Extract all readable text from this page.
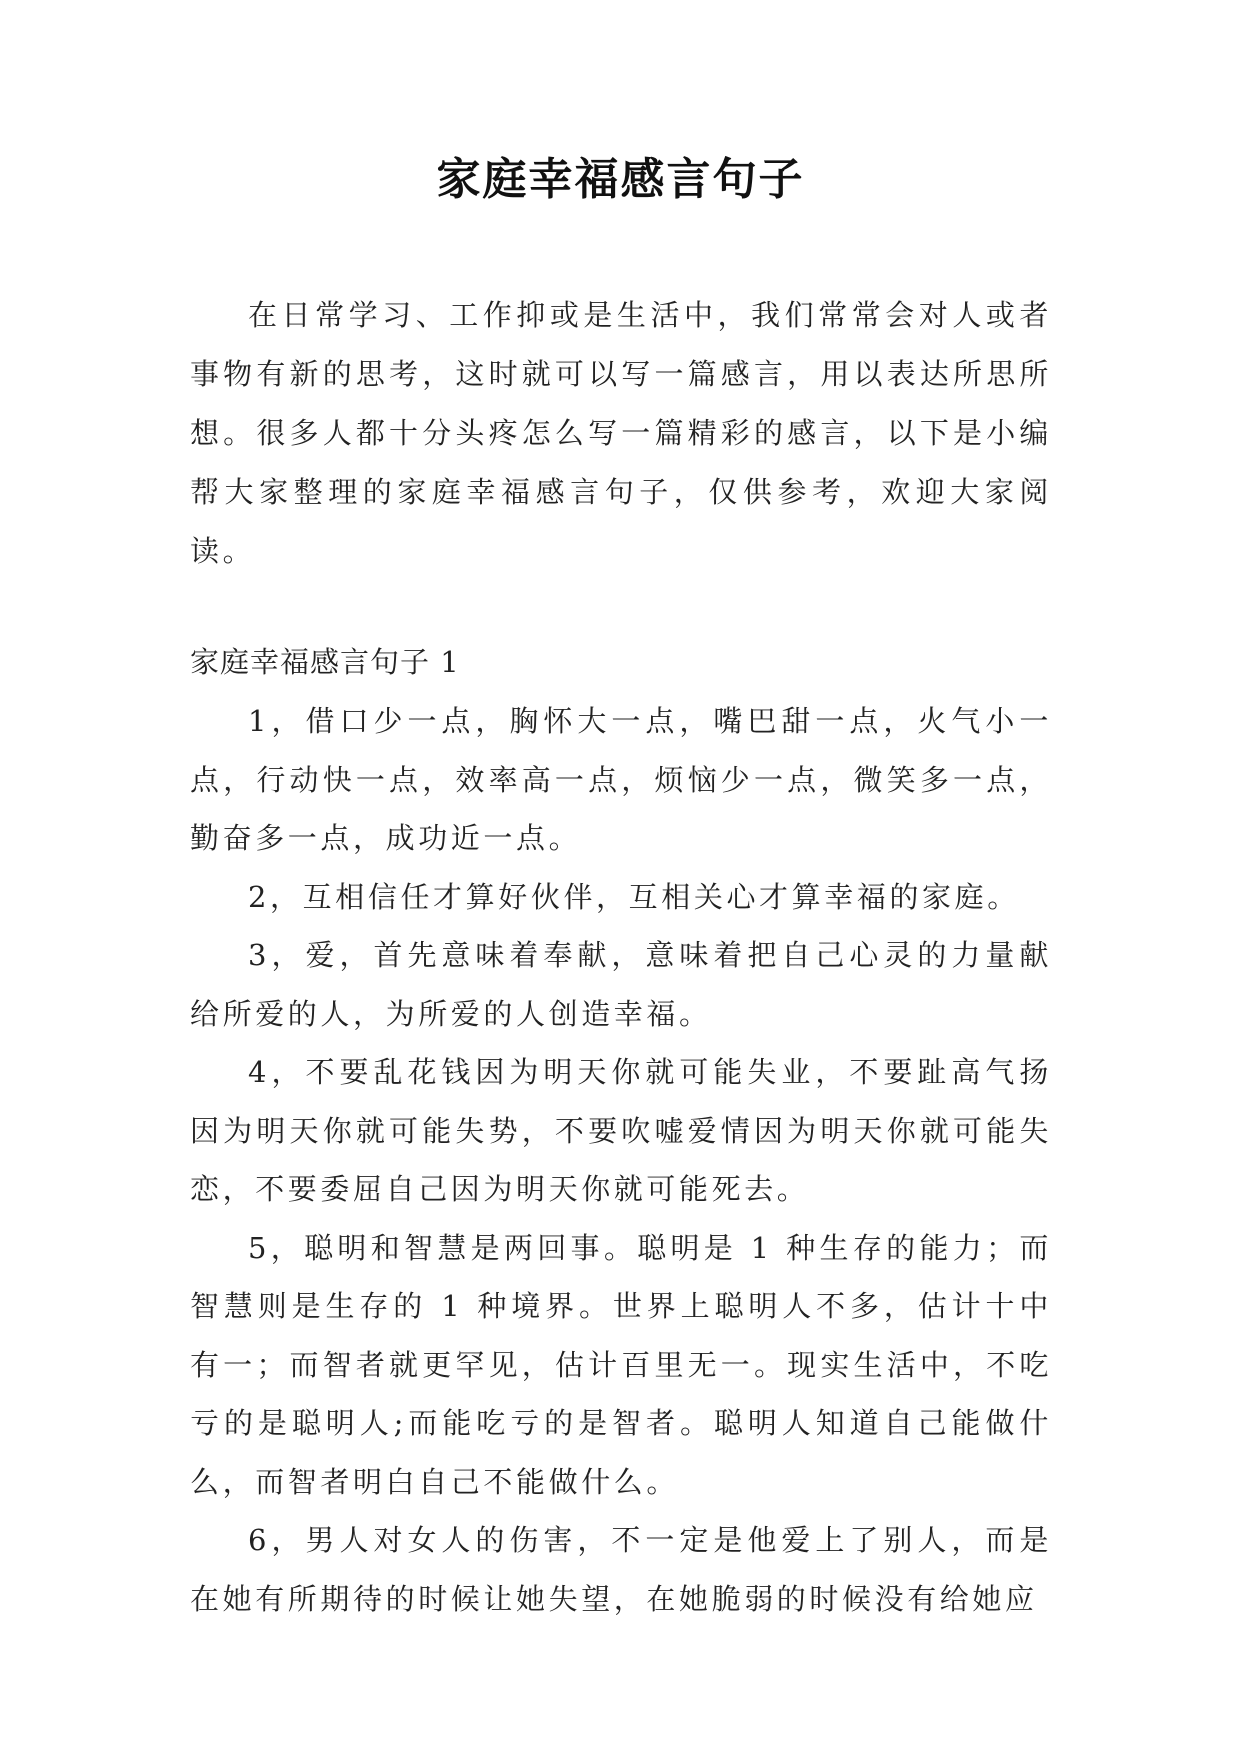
家庭幸福感言句子

在日常学习、工作抑或是生活中，我们常常会对人或者事物有新的思考，这时就可以写一篇感言，用以表达所思所想。很多人都十分头疼怎么写一篇精彩的感言，以下是小编帮大家整理的家庭幸福感言句子，仅供参考，欢迎大家阅读。

家庭幸福感言句子 1

1，借口少一点，胸怀大一点，嘴巴甜一点，火气小一点，行动快一点，效率高一点，烦恼少一点，微笑多一点，勤奋多一点，成功近一点。

2，互相信任才算好伙伴，互相关心才算幸福的家庭。

3，爱，首先意味着奉献，意味着把自己心灵的力量献给所爱的人，为所爱的人创造幸福。

4，不要乱花钱因为明天你就可能失业，不要趾高气扬因为明天你就可能失势，不要吹嘘爱情因为明天你就可能失恋，不要委屈自己因为明天你就可能死去。

5，聪明和智慧是两回事。聪明是 1 种生存的能力；而智慧则是生存的 1 种境界。世界上聪明人不多，估计十中有一；而智者就更罕见，估计百里无一。现实生活中，不吃亏的是聪明人;而能吃亏的是智者。聪明人知道自己能做什么，而智者明白自己不能做什么。

6，男人对女人的伤害，不一定是他爱上了别人，而是在她有所期待的时候让她失望，在她脆弱的时候没有给她应
